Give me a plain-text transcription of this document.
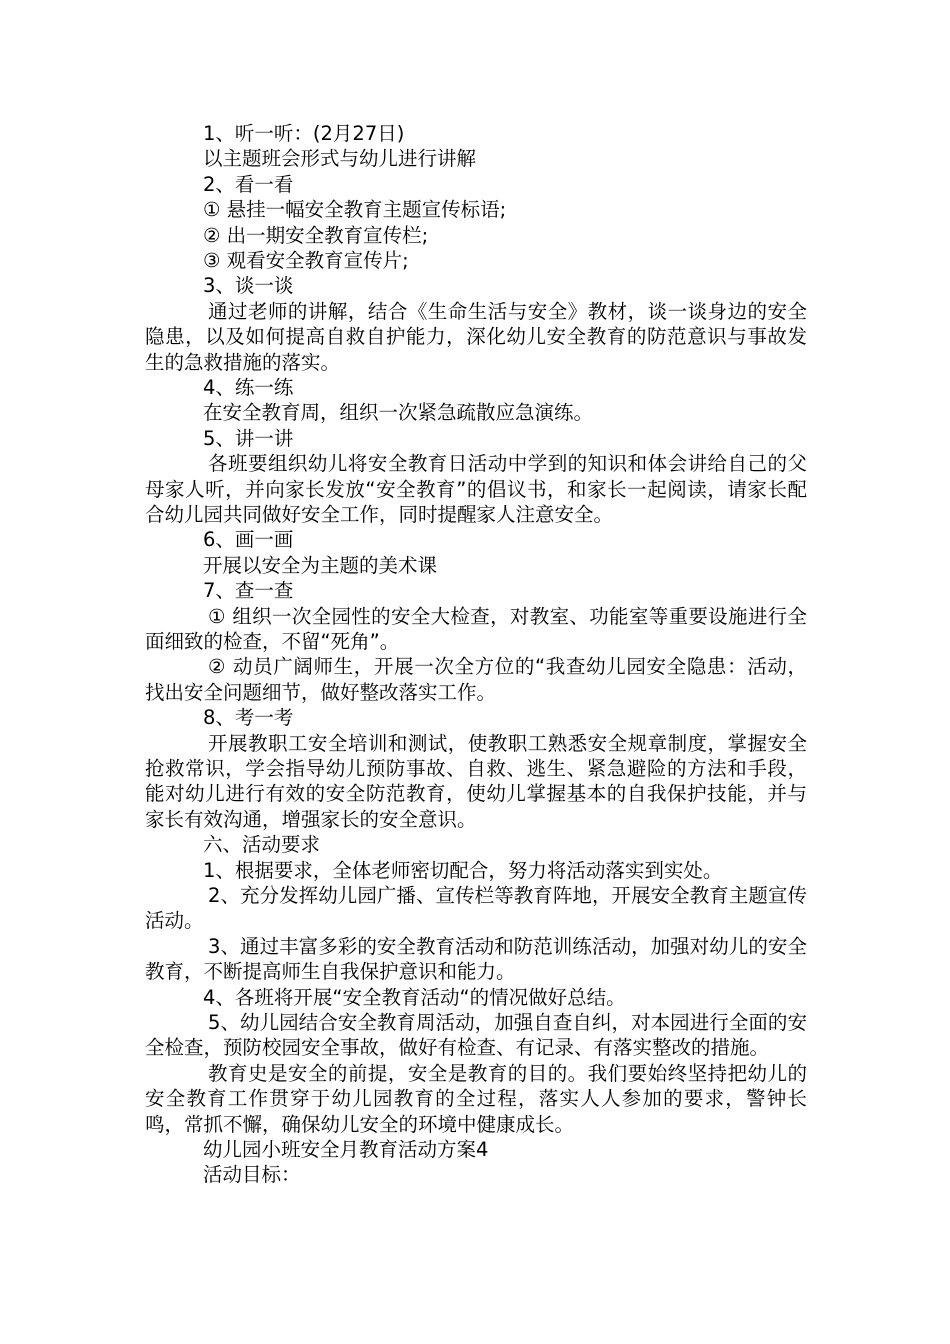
1、听一听：(2月27日)
以主题班会形式与幼儿进行讲解
2、看一看
① 悬挂一幅安全教育主题宣传标语;
② 出一期安全教育宣传栏;
③ 观看安全教育宣传片;
3、谈一谈
通过老师的讲解，结合《生命生活与安全》教材，谈一谈身边的安全隐患，以及如何提高自救自护能力，深化幼儿安全教育的防范意识与事故发生的急救措施的落实。
4、练一练
在安全教育周，组织一次紧急疏散应急演练。
5、讲一讲
各班要组织幼儿将安全教育日活动中学到的知识和体会讲给自己的父母家人听，并向家长发放“安全教育”的倡议书，和家长一起阅读，请家长配合幼儿园共同做好安全工作，同时提醒家人注意安全。
6、画一画
开展以安全为主题的美术课
7、查一查
① 组织一次全园性的安全大检查，对教室、功能室等重要设施进行全面细致的检查，不留“死角”。
② 动员广阔师生，开展一次全方位的“我查幼儿园安全隐患：活动，找出安全问题细节，做好整改落实工作。
8、考一考
开展教职工安全培训和测试，使教职工熟悉安全规章制度，掌握安全抢救常识，学会指导幼儿预防事故、自救、逃生、紧急避险的方法和手段，能对幼儿进行有效的安全防范教育，使幼儿掌握基本的自我保护技能，并与家长有效沟通，增强家长的安全意识。
六、活动要求
1、根据要求，全体老师密切配合，努力将活动落实到实处。
2、充分发挥幼儿园广播、宣传栏等教育阵地，开展安全教育主题宣传活动。
3、通过丰富多彩的安全教育活动和防范训练活动，加强对幼儿的安全教育，不断提高师生自我保护意识和能力。
4、各班将开展“安全教育活动“的情况做好总结。
5、幼儿园结合安全教育周活动，加强自查自纠，对本园进行全面的安全检查，预防校园安全事故，做好有检查、有记录、有落实整改的措施。
教育史是安全的前提，安全是教育的目的。我们要始终坚持把幼儿的安全教育工作贯穿于幼儿园教育的全过程，落实人人参加的要求，警钟长鸣，常抓不懈，确保幼儿安全的环境中健康成长。
幼儿园小班安全月教育活动方案4
活动目标：
